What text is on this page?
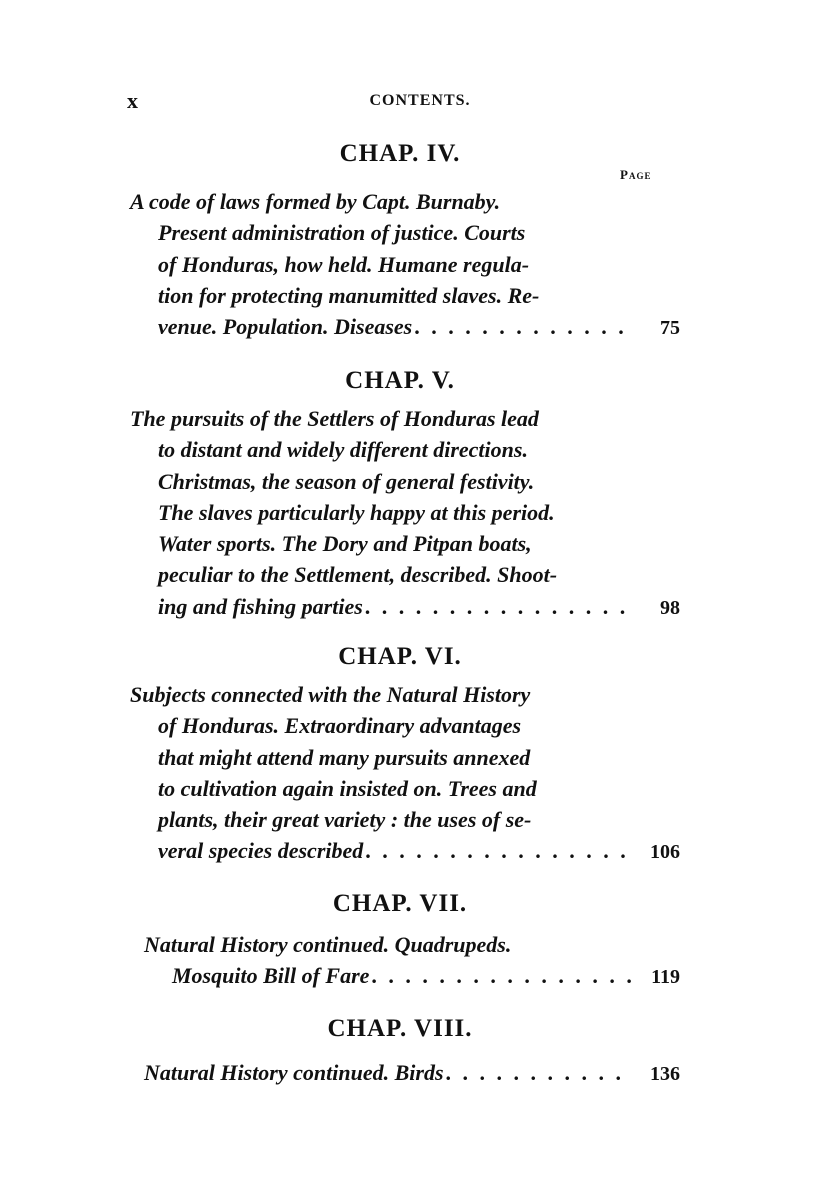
x	CONTENTS.
Page
CHAP. IV.
A code of laws formed by Capt. Burnaby.
Present administration of justice. Courts
of Honduras, how held. Humane regula-
tion for protecting manumitted slaves. Re-
venue. Population. Diseases . . .	75
CHAP. V.
The pursuits of the Settlers of Honduras lead
to distant and widely different directions.
Christmas, the season of general festivity.
The slaves particularly happy at this period.
Water sports. The Dory and Pitpan boats,
peculiar to the Settlement, described. Shoot-
ing and fishing parties . . .	98
CHAP. VI.
Subjects connected with the Natural History
of Honduras. Extraordinary advantages
that might attend many pursuits annexed
to cultivation again insisted on. Trees and
plants, their great variety : the uses of se-
veral species described . . .	106
CHAP. VII.
Natural History continued. Quadrupeds.
Mosquito Bill of Fare . . .	119
CHAP. VIII.
Natural History continued. Birds . . .	136
